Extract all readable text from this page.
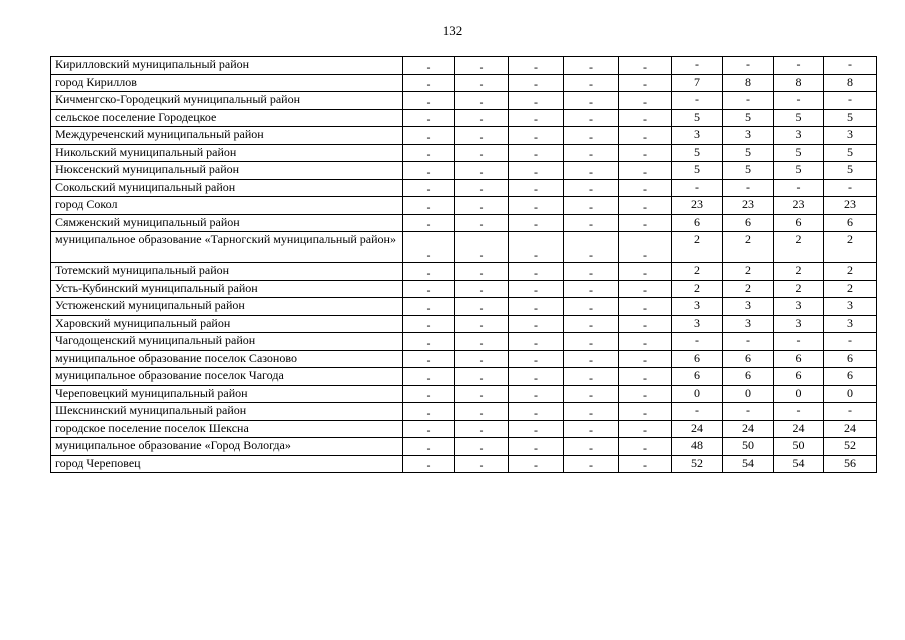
132
Кирилловский муниципальный район	-	-	-	-	-	-	-	-	-
город Кириллов	-	-	-	-	-	7	8	8	8
Кичменгско-Городецкий муниципальный район	-	-	-	-	-	-	-	-	-
сельское поселение Городецкое	-	-	-	-	-	5	5	5	5
Междуреченский муниципальный район	-	-	-	-	-	3	3	3	3
Никольский муниципальный район	-	-	-	-	-	5	5	5	5
Нюксенский муниципальный район	-	-	-	-	-	5	5	5	5
Сокольский муниципальный район	-	-	-	-	-	-	-	-	-
город Сокол	-	-	-	-	-	23	23	23	23
Сямженский муниципальный район	-	-	-	-	-	6	6	6	6
муниципальное образование «Тарногский муниципальный район»	-	-	-	-	-	2	2	2	2
Тотемский муниципальный район	-	-	-	-	-	2	2	2	2
Усть-Кубинский муниципальный район	-	-	-	-	-	2	2	2	2
Устюженский муниципальный район	-	-	-	-	-	3	3	3	3
Харовский муниципальный район	-	-	-	-	-	3	3	3	3
Чагодощенский муниципальный район	-	-	-	-	-	-	-	-	-
муниципальное образование поселок Сазоново	-	-	-	-	-	6	6	6	6
муниципальное образование поселок Чагода	-	-	-	-	-	6	6	6	6
Череповецкий муниципальный район	-	-	-	-	-	0	0	0	0
Шекснинский муниципальный район	-	-	-	-	-	-	-	-	-
городское поселение поселок Шексна	-	-	-	-	-	24	24	24	24
муниципальное образование «Город Вологда»	-	-	-	-	-	48	50	50	52
город Череповец	-	-	-	-	-	52	54	54	56
